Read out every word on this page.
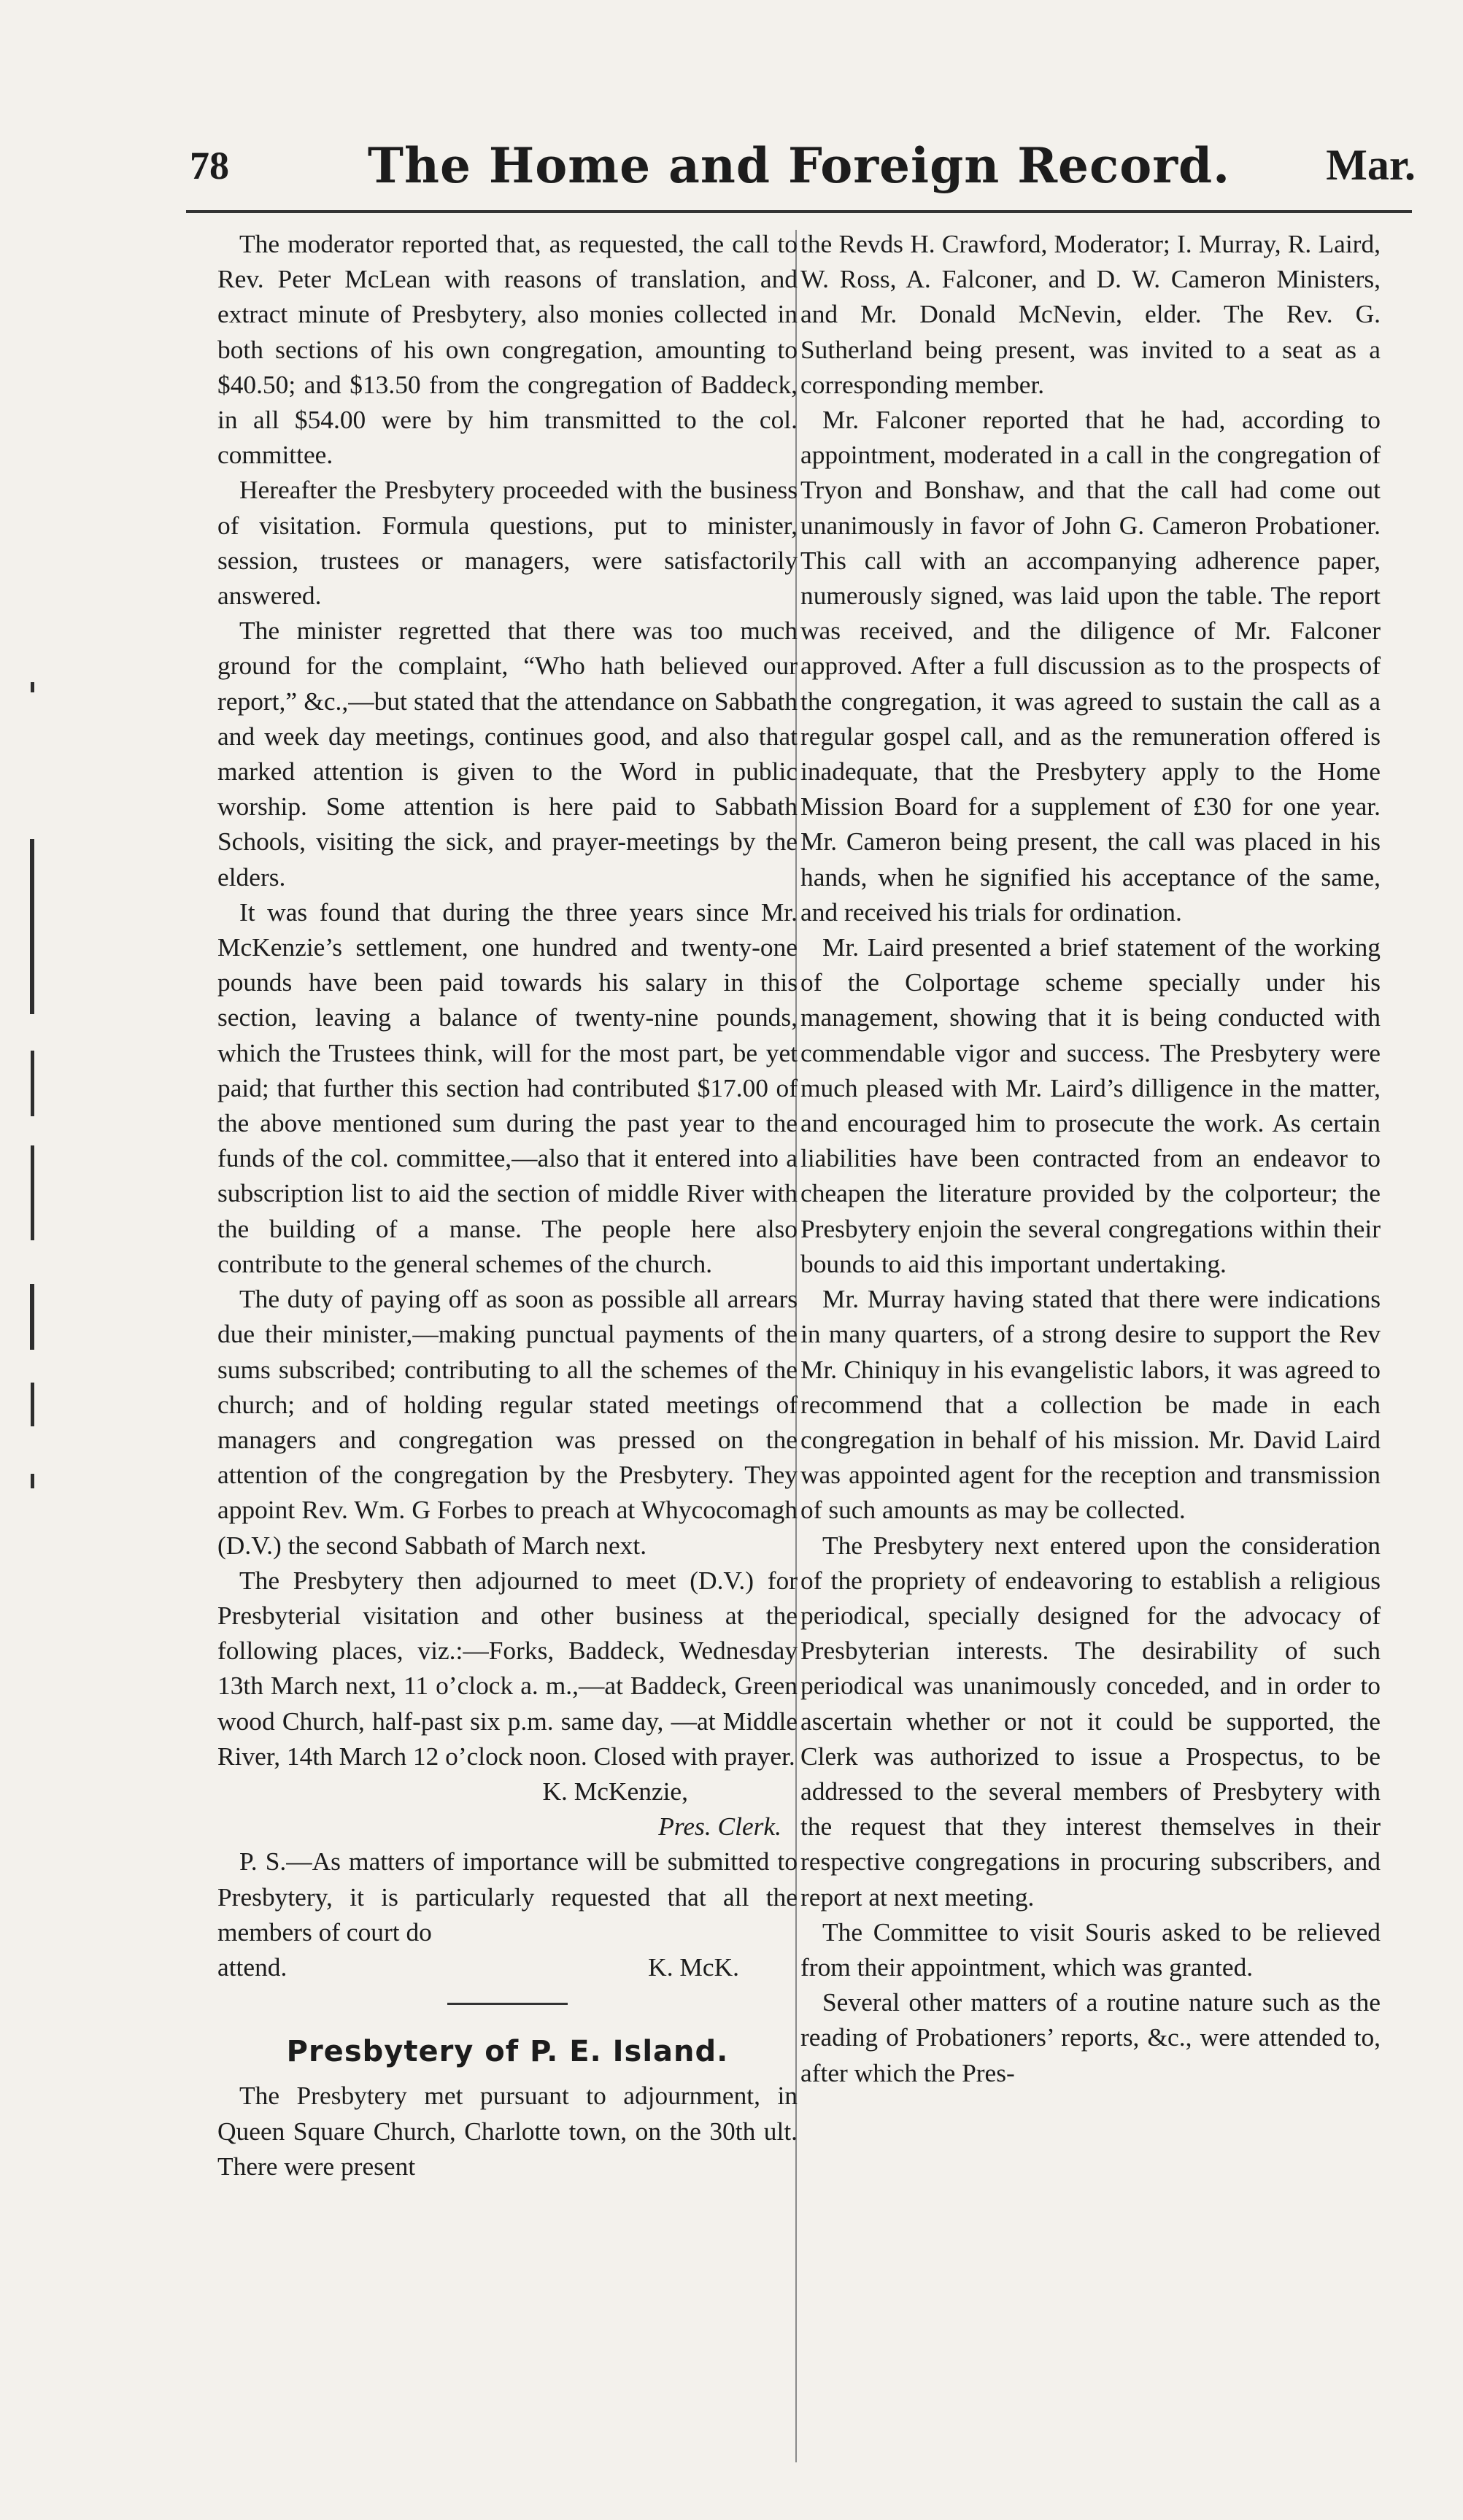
78	The Home and Foreign Record.	Mar.

The moderator reported that, as requested, the call to Rev. Peter McLean with reasons of translation, and extract minute of Presbytery, also monies collected in both sections of his own congregation, amounting to $40.50; and $13.50 from the congregation of Baddeck, in all $54.00 were by him transmitted to the col. committee.

Hereafter the Presbytery proceeded with the business of visitation. Formula questions, put to minister, session, trustees or managers, were satisfactorily answered.

The minister regretted that there was too much ground for the complaint, “Who hath believed our report,” &c.,—but stated that the attendance on Sabbath and week day meetings, continues good, and also that marked attention is given to the Word in public worship. Some attention is here paid to Sabbath Schools, visiting the sick, and prayer-meetings by the elders.

It was found that during the three years since Mr. McKenzie’s settlement, one hundred and twenty-one pounds have been paid towards his salary in this section, leaving a balance of twenty-nine pounds, which the Trustees think, will for the most part, be yet paid; that further this section had contributed $17.00 of the above mentioned sum during the past year to the funds of the col. committee,—also that it entered into a subscription list to aid the section of middle River with the building of a manse. The people here also contribute to the general schemes of the church.

The duty of paying off as soon as possible all arrears due their minister,—making punctual payments of the sums subscribed; contributing to all the schemes of the church; and of holding regular stated meetings of managers and congregation was pressed on the attention of the congregation by the Presbytery. They appoint Rev. Wm. G Forbes to preach at Whycocomagh (D.V.) the second Sabbath of March next.

The Presbytery then adjourned to meet (D.V.) for Presbyterial visitation and other business at the following places, viz.:—Forks, Baddeck, Wednesday 13th March next, 11 o’clock a. m.,—at Baddeck, Green wood Church, half-past six p.m. same day, —at Middle River, 14th March 12 o’clock noon. Closed with prayer.

K. McKenzie,

Pres. Clerk.

P. S.—As matters of importance will be submitted to Presbytery, it is particularly requested that all the members of court do

attend.	K. McK.

Presbytery of P. E. Island.

The Presbytery met pursuant to adjournment, in Queen Square Church, Charlotte town, on the 30th ult. There were present

the Revds H. Crawford, Moderator; I. Murray, R. Laird, W. Ross, A. Falconer, and D. W. Cameron Ministers, and Mr. Donald McNevin, elder. The Rev. G. Sutherland being present, was invited to a seat as a corresponding member.

Mr. Falconer reported that he had, according to appointment, moderated in a call in the congregation of Tryon and Bonshaw, and that the call had come out unanimously in favor of John G. Cameron Probationer. This call with an accompanying adherence paper, numerously signed, was laid upon the table. The report was received, and the diligence of Mr. Falconer approved. After a full discussion as to the prospects of the congregation, it was agreed to sustain the call as a regular gospel call, and as the remuneration offered is inadequate, that the Presbytery apply to the Home Mission Board for a supplement of £30 for one year. Mr. Cameron being present, the call was placed in his hands, when he signified his acceptance of the same, and received his trials for ordination.

Mr. Laird presented a brief statement of the working of the Colportage scheme specially under his management, showing that it is being conducted with commendable vigor and success. The Presbytery were much pleased with Mr. Laird’s dilligence in the matter, and encouraged him to prosecute the work. As certain liabilities have been contracted from an endeavor to cheapen the literature provided by the colporteur; the Presbytery enjoin the several congregations within their bounds to aid this important undertaking.

Mr. Murray having stated that there were indications in many quarters, of a strong desire to support the Rev Mr. Chiniquy in his evangelistic labors, it was agreed to recommend that a collection be made in each congregation in behalf of his mission. Mr. David Laird was appointed agent for the reception and transmission of such amounts as may be collected.

The Presbytery next entered upon the consideration of the propriety of endeavoring to establish a religious periodical, specially designed for the advocacy of Presbyterian interests. The desirability of such periodical was unanimously conceded, and in order to ascertain whether or not it could be supported, the Clerk was authorized to issue a Prospectus, to be addressed to the several members of Presbytery with the request that they interest themselves in their respective congregations in procuring subscribers, and report at next meeting.

The Committee to visit Souris asked to be relieved from their appointment, which was granted.

Several other matters of a routine nature such as the reading of Probationers’ reports, &c., were attended to, after which the Pres-
